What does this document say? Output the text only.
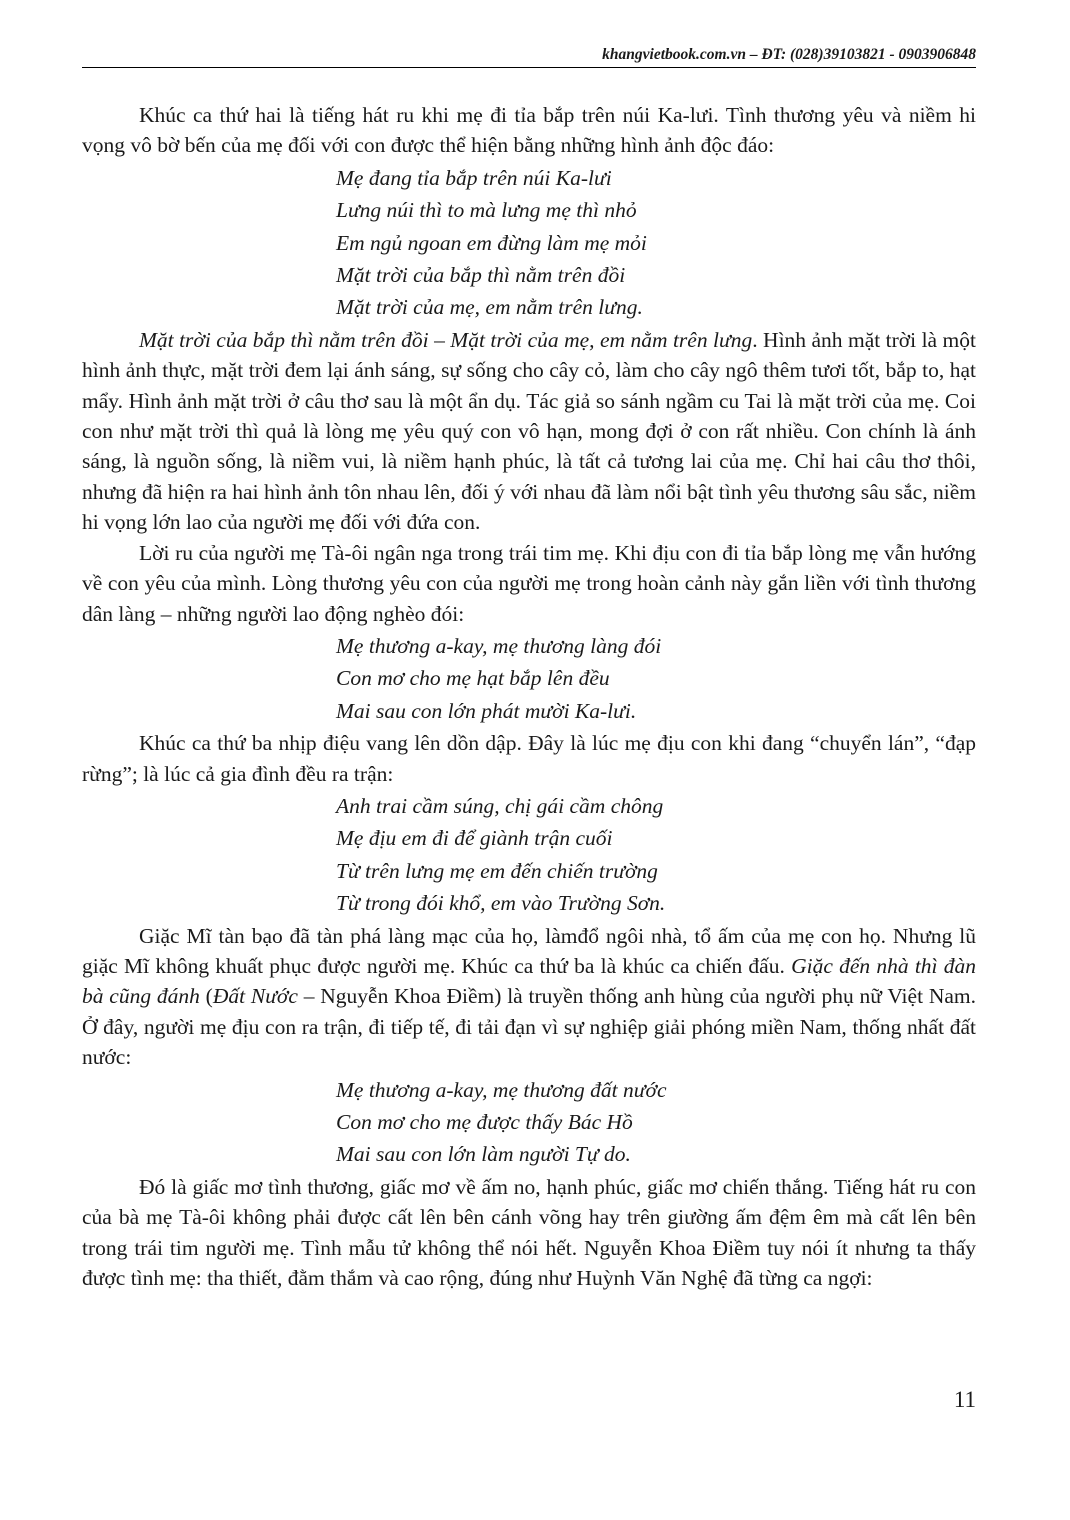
khangvietbook.com.vn – ĐT: (028)39103821 - 0903906848

Khúc ca thứ hai là tiếng hát ru khi mẹ đi tỉa bắp trên núi Ka-lưi. Tình thương yêu và niềm hi vọng vô bờ bến của mẹ đối với con được thể hiện bằng những hình ảnh độc đáo:

Mẹ đang tỉa bắp trên núi Ka-lưi
Lưng núi thì to mà lưng mẹ thì nhỏ
Em ngủ ngoan em đừng làm mẹ mỏi
Mặt trời của bắp thì nằm trên đồi
Mặt trời của mẹ, em nằm trên lưng.

Mặt trời của bắp thì nằm trên đồi – Mặt trời của mẹ, em nằm trên lưng. Hình ảnh mặt trời là một hình ảnh thực, mặt trời đem lại ánh sáng, sự sống cho cây cỏ, làm cho cây ngô thêm tươi tốt, bắp to, hạt mẩy. Hình ảnh mặt trời ở câu thơ sau là một ẩn dụ. Tác giả so sánh ngầm cu Tai là mặt trời của mẹ. Coi con như mặt trời thì quả là lòng mẹ yêu quý con vô hạn, mong đợi ở con rất nhiều. Con chính là ánh sáng, là nguồn sống, là niềm vui, là niềm hạnh phúc, là tất cả tương lai của mẹ. Chỉ hai câu thơ thôi, nhưng đã hiện ra hai hình ảnh tôn nhau lên, đối ý với nhau đã làm nổi bật tình yêu thương sâu sắc, niềm hi vọng lớn lao của người mẹ đối với đứa con.

Lời ru của người mẹ Tà-ôi ngân nga trong trái tim mẹ. Khi địu con đi tỉa bắp lòng mẹ vẫn hướng về con yêu của mình. Lòng thương yêu con của người mẹ trong hoàn cảnh này gắn liền với tình thương dân làng – những người lao động nghèo đói:

Mẹ thương a-kay, mẹ thương làng đói
Con mơ cho mẹ hạt bắp lên đều
Mai sau con lớn phát mười Ka-lưi.

Khúc ca thứ ba nhịp điệu vang lên dồn dập. Đây là lúc mẹ địu con khi đang “chuyển lán”, “đạp rừng”; là lúc cả gia đình đều ra trận:

Anh trai cầm súng, chị gái cầm chông
Mẹ địu em đi để giành trận cuối
Từ trên lưng mẹ em đến chiến trường
Từ trong đói khổ, em vào Trường Sơn.

Giặc Mĩ tàn bạo đã tàn phá làng mạc của họ, làmđổ ngôi nhà, tổ ấm của mẹ con họ. Nhưng lũ giặc Mĩ không khuất phục được người mẹ. Khúc ca thứ ba là khúc ca chiến đấu. Giặc đến nhà thì đàn bà cũng đánh (Đất Nước – Nguyễn Khoa Điềm) là truyền thống anh hùng của người phụ nữ Việt Nam. Ở đây, người mẹ địu con ra trận, đi tiếp tế, đi tải đạn vì sự nghiệp giải phóng miền Nam, thống nhất đất nước:

Mẹ thương a-kay, mẹ thương đất nước
Con mơ cho mẹ được thấy Bác Hồ
Mai sau con lớn làm người Tự do.

Đó là giấc mơ tình thương, giấc mơ về ấm no, hạnh phúc, giấc mơ chiến thắng. Tiếng hát ru con của bà mẹ Tà-ôi không phải được cất lên bên cánh võng hay trên giường ấm đệm êm mà cất lên bên trong trái tim người mẹ. Tình mẫu tử không thể nói hết. Nguyễn Khoa Điềm tuy nói ít nhưng ta thấy được tình mẹ: tha thiết, đằm thắm và cao rộng, đúng như Huỳnh Văn Nghệ đã từng ca ngợi:

11
